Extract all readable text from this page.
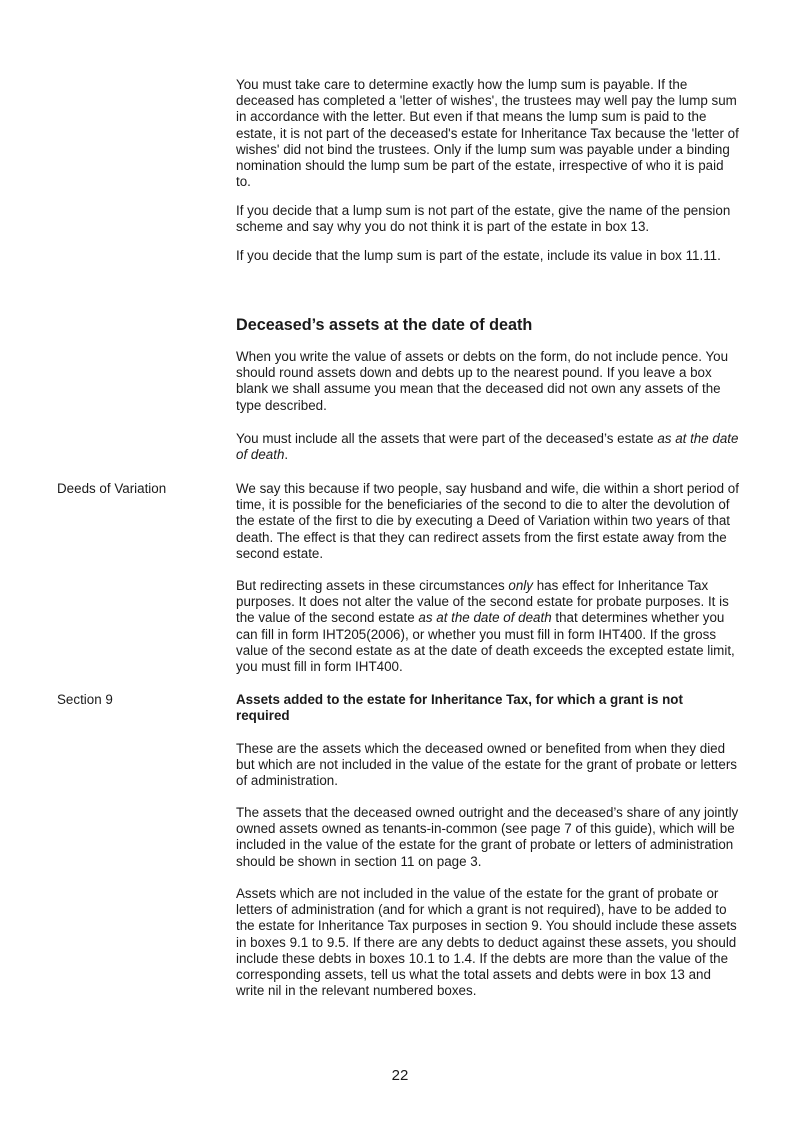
You must take care to determine exactly how the lump sum is payable. If the deceased has completed a 'letter of wishes', the trustees may well pay the lump sum in accordance with the letter. But even if that means the lump sum is paid to the estate, it is not part of the deceased's estate for Inheritance Tax because the 'letter of wishes' did not bind the trustees. Only if the lump sum was payable under a binding nomination should the lump sum be part of the estate, irrespective of who it is paid to.

If you decide that a lump sum is not part of the estate, give the name of the pension scheme and say why you do not think it is part of the estate in box 13.

If you decide that the lump sum is part of the estate, include its value in box 11.11.

Deceased’s assets at the date of death

When you write the value of assets or debts on the form, do not include pence. You should round assets down and debts up to the nearest pound. If you leave a box blank we shall assume you mean that the deceased did not own any assets of the type described.

You must include all the assets that were part of the deceased’s estate as at the date of death.

Deeds of Variation	We say this because if two people, say husband and wife, die within a short period of time, it is possible for the beneficiaries of the second to die to alter the devolution of the estate of the first to die by executing a Deed of Variation within two years of that death. The effect is that they can redirect assets from the first estate away from the second estate.

But redirecting assets in these circumstances only has effect for Inheritance Tax purposes. It does not alter the value of the second estate for probate purposes. It is the value of the second estate as at the date of death that determines whether you can fill in form IHT205(2006), or whether you must fill in form IHT400. If the gross value of the second estate as at the date of death exceeds the excepted estate limit, you must fill in form IHT400.

Section 9	Assets added to the estate for Inheritance Tax, for which a grant is not required

These are the assets which the deceased owned or benefited from when they died but which are not included in the value of the estate for the grant of probate or letters of administration.

The assets that the deceased owned outright and the deceased’s share of any jointly owned assets owned as tenants-in-common (see page 7 of this guide), which will be included in the value of the estate for the grant of probate or letters of administration should be shown in section 11 on page 3.

Assets which are not included in the value of the estate for the grant of probate or letters of administration (and for which a grant is not required), have to be added to the estate for Inheritance Tax purposes in section 9. You should include these assets in boxes 9.1 to 9.5. If there are any debts to deduct against these assets, you should include these debts in boxes 10.1 to 1.4. If the debts are more than the value of the corresponding assets, tell us what the total assets and debts were in box 13 and write nil in the relevant numbered boxes.

22
